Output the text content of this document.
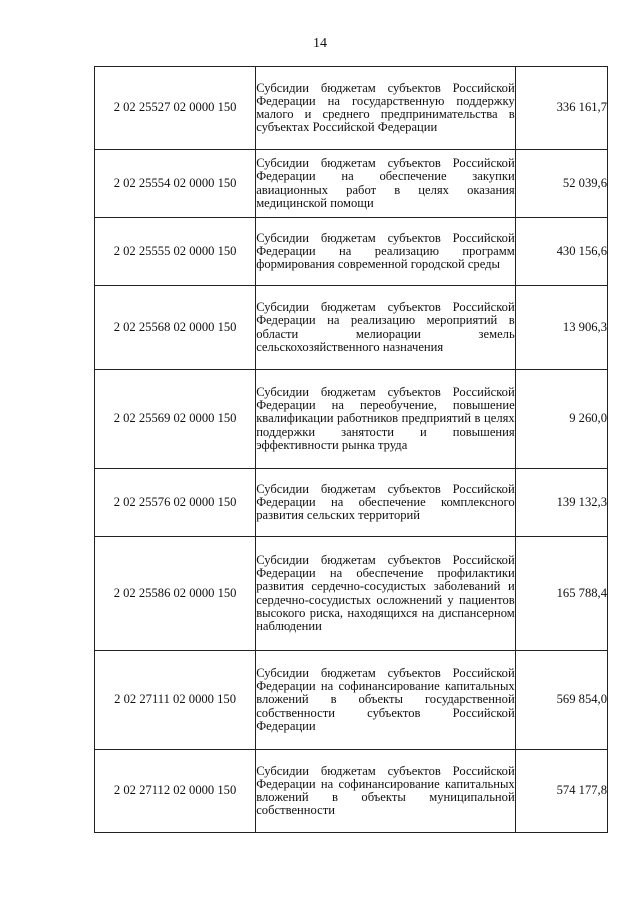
14
2 02 25527 02 0000 150	Субсидии бюджетам субъектов Российской Федерации на государственную поддержку малого и среднего предпринимательства в субъектах Российской Федерации	336 161,7
2 02 25554 02 0000 150	Субсидии бюджетам субъектов Российской Федерации на обеспечение закупки авиационных работ в целях оказания медицинской помощи	52 039,6
2 02 25555 02 0000 150	Субсидии бюджетам субъектов Российской Федерации на реализацию программ формирования современной городской среды	430 156,6
2 02 25568 02 0000 150	Субсидии бюджетам субъектов Российской Федерации на реализацию мероприятий в области мелиорации земель сельскохозяйственного назначения	13 906,3
2 02 25569 02 0000 150	Субсидии бюджетам субъектов Российской Федерации на переобучение, повышение квалификации работников предприятий в целях поддержки занятости и повышения эффективности рынка труда	9 260,0
2 02 25576 02 0000 150	Субсидии бюджетам субъектов Российской Федерации на обеспечение комплексного развития сельских территорий	139 132,3
2 02 25586 02 0000 150	Субсидии бюджетам субъектов Российской Федерации на обеспечение профилактики развития сердечно-сосудистых заболеваний и сердечно-сосудистых осложнений у пациентов высокого риска, находящихся на диспансерном наблюдении	165 788,4
2 02 27111 02 0000 150	Субсидии бюджетам субъектов Российской Федерации на софинансирование капитальных вложений в объекты государственной собственности субъектов Российской Федерации	569 854,0
2 02 27112 02 0000 150	Субсидии бюджетам субъектов Российской Федерации на софинансирование капитальных вложений в объекты муниципальной собственности	574 177,8
